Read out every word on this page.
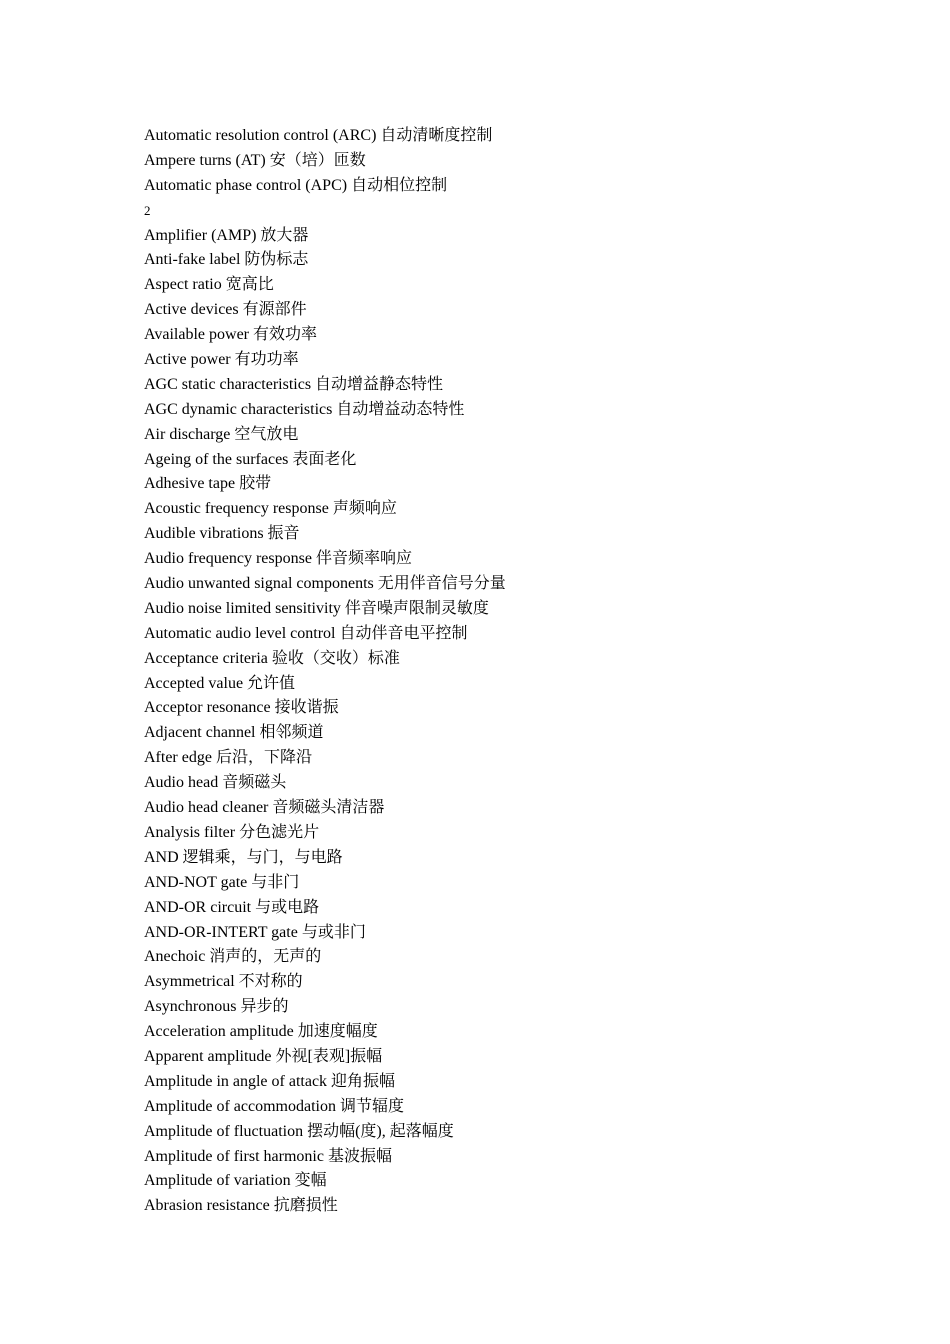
Automatic resolution control (ARC) 自动清晰度控制
Ampere turns (AT) 安（培）匝数
Automatic phase control (APC) 自动相位控制
2
Amplifier (AMP) 放大器
Anti-fake label 防伪标志
Aspect ratio 宽高比
Active devices 有源部件
Available power 有效功率
Active power 有功功率
AGC static characteristics 自动增益静态特性
AGC dynamic characteristics 自动增益动态特性
Air discharge 空气放电
Ageing of the surfaces 表面老化
Adhesive tape 胶带
Acoustic frequency response 声频响应
Audible vibrations 振音
Audio frequency response 伴音频率响应
Audio unwanted signal components 无用伴音信号分量
Audio noise limited sensitivity 伴音噪声限制灵敏度
Automatic audio level control 自动伴音电平控制
Acceptance criteria 验收（交收）标准
Accepted value 允许值
Acceptor resonance 接收谐振
Adjacent channel 相邻频道
After edge 后沿，下降沿
Audio head 音频磁头
Audio head cleaner 音频磁头清洁器
Analysis filter 分色滤光片
AND 逻辑乘，与门，与电路
AND-NOT gate 与非门
AND-OR circuit 与或电路
AND-OR-INTERT gate 与或非门
Anechoic 消声的，无声的
Asymmetrical 不对称的
Asynchronous 异步的
Acceleration amplitude 加速度幅度
Apparent amplitude 外视[表观]振幅
Amplitude in angle of attack 迎角振幅
Amplitude of accommodation 调节辐度
Amplitude of fluctuation 摆动幅(度), 起落幅度
Amplitude of first harmonic 基波振幅
Amplitude of variation 变幅
Abrasion resistance 抗磨损性
